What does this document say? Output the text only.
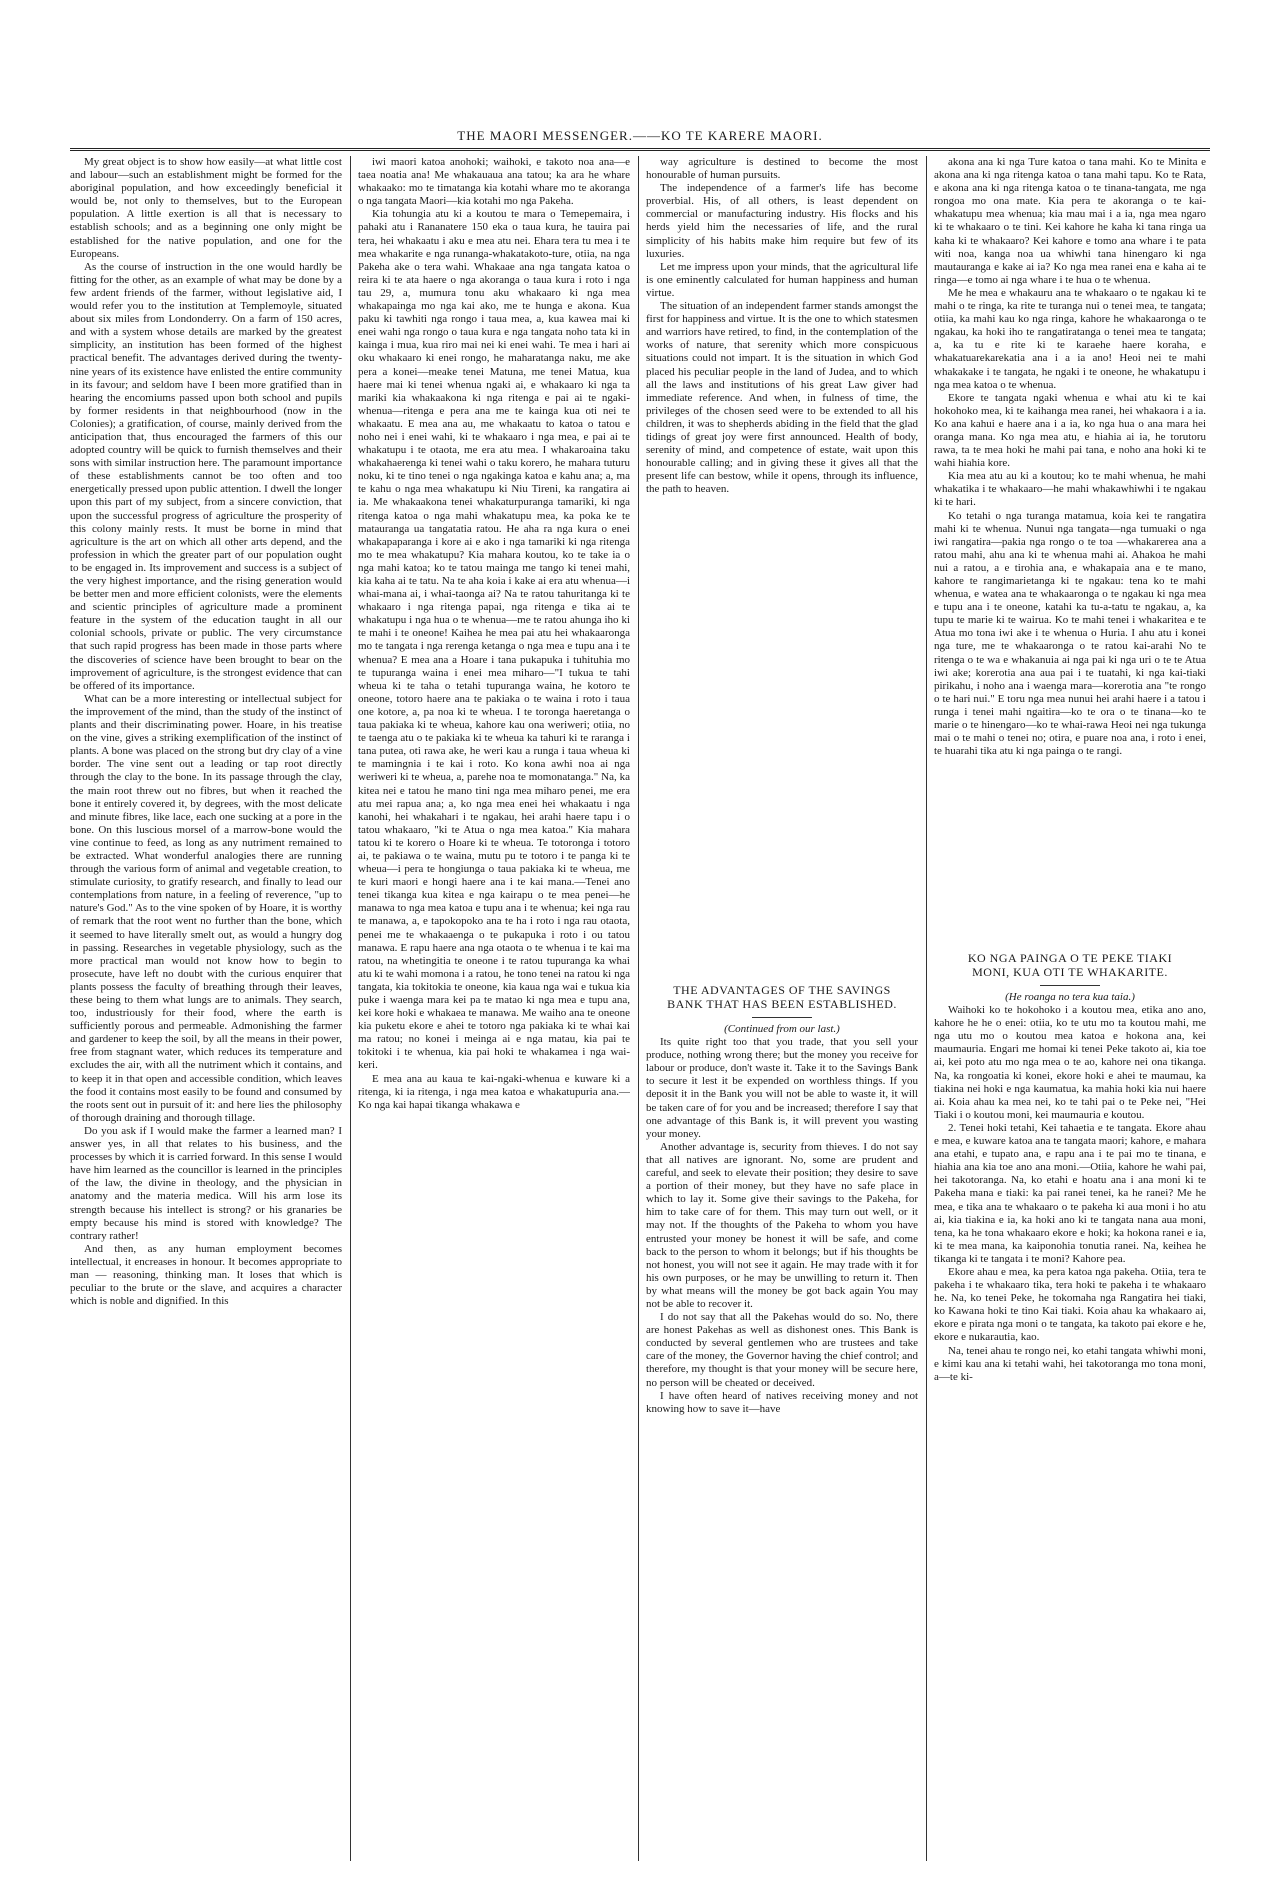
THE MAORI MESSENGER.——KO TE KARERE MAORI.

My great object is to show how easily—at what little cost and labour—such an establishment might be formed for the aboriginal population, and how exceedingly beneficial it would be, not only to themselves, but to the European population. A little exertion is all that is necessary to establish schools; and as a beginning one only might be established for the native population, and one for the Europeans.

As the course of instruction in the one would hardly be fitting for the other, as an example of what may be done by a few ardent friends of the farmer, without legislative aid, I would refer you to the institution at Templemoyle, situated about six miles from Londonderry. On a farm of 150 acres, and with a system whose details are marked by the greatest simplicity, an institution has been formed of the highest practical benefit. The advantages derived during the twenty-nine years of its existence have enlisted the entire community in its favour; and seldom have I been more gratified than in hearing the encomiums passed upon both school and pupils by former residents in that neighbourhood (now in the Colonies); a gratification, of course, mainly derived from the anticipation that, thus encouraged the farmers of this our adopted country will be quick to furnish themselves and their sons with similar instruction here. The paramount importance of these establishments cannot be too often and too energetically pressed upon public attention. I dwell the longer upon this part of my subject, from a sincere conviction, that upon the successful progress of agriculture the prosperity of this colony mainly rests. It must be borne in mind that agriculture is the art on which all other arts depend, and the profession in which the greater part of our population ought to be engaged in. Its improvement and success is a subject of the very highest importance, and the rising generation would be better men and more efficient colonists, were the elements and scientic principles of agriculture made a prominent feature in the system of the education taught in all our colonial schools, private or public. The very circumstance that such rapid progress has been made in those parts where the discoveries of science have been brought to bear on the improvement of agriculture, is the strongest evidence that can be offered of its importance.

What can be a more interesting or intellectual subject for the improvement of the mind, than the study of the instinct of plants and their discriminating power. Hoare, in his treatise on the vine, gives a striking exemplification of the instinct of plants. A bone was placed on the strong but dry clay of a vine border. The vine sent out a leading or tap root directly through the clay to the bone. In its passage through the clay, the main root threw out no fibres, but when it reached the bone it entirely covered it, by degrees, with the most delicate and minute fibres, like lace, each one sucking at a pore in the bone. On this luscious morsel of a marrow-bone would the vine continue to feed, as long as any nutriment remained to be extracted. What wonderful analogies there are running through the various form of animal and vegetable creation, to stimulate curiosity, to gratify research, and finally to lead our contemplations from nature, in a feeling of reverence, "up to nature's God." As to the vine spoken of by Hoare, it is worthy of remark that the root went no further than the bone, which it seemed to have literally smelt out, as would a hungry dog in passing. Researches in vegetable physiology, such as the more practical man would not know how to begin to prosecute, have left no doubt with the curious enquirer that plants possess the faculty of breathing through their leaves, these being to them what lungs are to animals. They search, too, industriously for their food, where the earth is sufficiently porous and permeable. Admonishing the farmer and gardener to keep the soil, by all the means in their power, free from stagnant water, which reduces its temperature and excludes the air, with all the nutriment which it contains, and to keep it in that open and accessible condition, which leaves the food it contains most easily to be found and consumed by the roots sent out in pursuit of it: and here lies the philosophy of thorough draining and thorough tillage.

Do you ask if I would make the farmer a learned man? I answer yes, in all that relates to his business, and the processes by which it is carried forward. In this sense I would have him learned as the councillor is learned in the principles of the law, the divine in theology, and the physician in anatomy and the materia medica. Will his arm lose its strength because his intellect is strong? or his granaries be empty because his mind is stored with knowledge? The contrary rather!

And then, as any human employment becomes intellectual, it encreases in honour. It becomes appropriate to man — reasoning, thinking man. It loses that which is peculiar to the brute or the slave, and acquires a character which is noble and dignified. In this

iwi maori katoa anohoki; waihoki, e takoto noa ana—e taea noatia ana! Me whakauaua ana tatou; ka ara he whare whakaako: mo te timatanga kia kotahi whare mo te akoranga o nga tangata Maori—kia kotahi mo nga Pakeha.

Kia tohungia atu ki a koutou te mara o Temepemaira, i pahaki atu i Rananatere 150 eka o taua kura, he tauira pai tera, hei whakaatu i aku e mea atu nei. Ehara tera tu mea i te mea whakarite e nga runanga-whakatakoto-ture, otiia, na nga Pakeha ake o tera wahi. Whakaae ana nga tangata katoa o reira ki te ata haere o nga akoranga o taua kura i roto i nga tau 29, a, mumura tonu aku whakaaro ki nga mea whakapainga mo nga kai ako, me te hunga e akona. Kua paku ki tawhiti nga rongo i taua mea, a, kua kawea mai ki enei wahi nga rongo o taua kura e nga tangata noho tata ki in kainga i mua, kua riro mai nei ki enei wahi. Te mea i hari ai oku whakaaro ki enei rongo, he maharatanga naku, me ake pera a konei—meake tenei Matuna, me tenei Matua, kua haere mai ki tenei whenua ngaki ai, e whakaaro ki nga ta mariki kia whakaakona ki nga ritenga e pai ai te ngaki-whenua—ritenga e pera ana me te kainga kua oti nei te whakaatu. E mea ana au, me whakaatu to katoa o tatou e noho nei i enei wahi, ki te whakaaro i nga mea, e pai ai te whakatupu i te otaota, me era atu mea. I whakaroaina taku whakahaerenga ki tenei wahi o taku korero, he mahara tuturu noku, ki te tino tenei o nga ngakinga katoa e kahu ana; a, ma te kahu o nga mea whakatupu ki Niu Tireni, ka rangatira ai ia. Me whakaakona tenei whakaturpuranga tamariki, ki nga ritenga katoa o nga mahi whakatupu mea, ka poka ke te matauranga ua tangatatia ratou. He aha ra nga kura o enei whakapaparanga i kore ai e ako i nga tamariki ki nga ritenga mo te mea whakatupu? Kia mahara koutou, ko te take ia o nga mahi katoa; ko te tatou mainga me tango ki tenei mahi, kia kaha ai te tatu. Na te aha koia i kake ai era atu whenua—i whai-mana ai, i whai-taonga ai? Na te ratou tahuritanga ki te whakaaro i nga ritenga papai, nga ritenga e tika ai te whakatupu i nga hua o te whenua—me te ratou ahunga iho ki te mahi i te oneone! Kaihea he mea pai atu hei whakaaronga mo te tangata i nga rerenga ketanga o nga mea e tupu ana i te whenua? E mea ana a Hoare i tana pukapuka i tuhituhia mo te tupuranga waina i enei mea miharo—"I tukua te tahi wheua ki te taha o tetahi tupuranga waina, he kotoro te oneone, totoro haere ana te pakiaka o te waina i roto i taua one kotore, a, pa noa ki te wheua. I te toronga haeretanga o taua pakiaka ki te wheua, kahore kau ona weriweri; otiia, no te taenga atu o te pakiaka ki te wheua ka tahuri ki te raranga i tana putea, oti rawa ake, he weri kau a runga i taua wheua ki te mamingnia i te kai i roto. Ko kona awhi noa ai nga weriweri ki te wheua, a, parehe noa te momonatanga." Na, ka kitea nei e tatou he mano tini nga mea miharo penei, me era atu mei rapua ana; a, ko nga mea enei hei whakaatu i nga kanohi, hei whakahari i te ngakau, hei arahi haere tapu i o tatou whakaaro, "ki te Atua o nga mea katoa." Kia mahara tatou ki te korero o Hoare ki te wheua. Te totoronga i totoro ai, te pakiawa o te waina, mutu pu te totoro i te panga ki te wheua—i pera te hongiunga o taua pakiaka ki te wheua, me te kuri maori e hongi haere ana i te kai mana.—Tenei ano tenei tikanga kua kitea e nga kairapu o te mea penei—he manawa to nga mea katoa e tupu ana i te whenua; kei nga rau te manawa, a, e tapokopoko ana te ha i roto i nga rau otaota, penei me te whakaaenga o te pukapuka i roto i ou tatou manawa. E rapu haere ana nga otaota o te whenua i te kai ma ratou, na whetingitia te oneone i te ratou tupuranga ka whai atu ki te wahi momona i a ratou, he tono tenei na ratou ki nga tangata, kia tokitokia te oneone, kia kaua nga wai e tukua kia puke i waenga mara kei pa te matao ki nga mea e tupu ana, kei kore hoki e whakaea te manawa. Me waiho ana te oneone kia puketu ekore e ahei te totoro nga pakiaka ki te whai kai ma ratou; no konei i meinga ai e nga matau, kia pai te tokitoki i te whenua, kia pai hoki te whakamea i nga wai-keri.

E mea ana au kaua te kai-ngaki-whenua e kuware ki a ritenga, ki ia ritenga, i nga mea katoa e whakatupuria ana.—Ko nga kai hapai tikanga whakawa e

way agriculture is destined to become the most honourable of human pursuits.

The independence of a farmer's life has become proverbial. His, of all others, is least dependent on commercial or manufacturing industry. His flocks and his herds yield him the necessaries of life, and the rural simplicity of his habits make him require but few of its luxuries.

Let me impress upon your minds, that the agricultural life is one eminently calculated for human happiness and human virtue.

The situation of an independent farmer stands amongst the first for happiness and virtue. It is the one to which statesmen and warriors have retired, to find, in the contemplation of the works of nature, that serenity which more conspicuous situations could not impart. It is the situation in which God placed his peculiar people in the land of Judea, and to which all the laws and institutions of his great Law giver had immediate reference. And when, in fulness of time, the privileges of the chosen seed were to be extended to all his children, it was to shepherds abiding in the field that the glad tidings of great joy were first announced. Health of body, serenity of mind, and competence of estate, wait upon this honourable calling; and in giving these it gives all that the present life can bestow, while it opens, through its influence, the path to heaven.

THE ADVANTAGES OF THE SAVINGS

BANK THAT HAS BEEN ESTABLISHED.

(Continued from our last.)

Its quite right too that you trade, that you sell your produce, nothing wrong there; but the money you receive for labour or produce, don't waste it. Take it to the Savings Bank to secure it lest it be expended on worthless things. If you deposit it in the Bank you will not be able to waste it, it will be taken care of for you and be increased; therefore I say that one advantage of this Bank is, it will prevent you wasting your money.

Another advantage is, security from thieves. I do not say that all natives are ignorant. No, some are prudent and careful, and seek to elevate their position; they desire to save a portion of their money, but they have no safe place in which to lay it. Some give their savings to the Pakeha, for him to take care of for them. This may turn out well, or it may not. If the thoughts of the Pakeha to whom you have entrusted your money be honest it will be safe, and come back to the person to whom it belongs; but if his thoughts be not honest, you will not see it again. He may trade with it for his own purposes, or he may be unwilling to return it. Then by what means will the money be got back again You may not be able to recover it.

I do not say that all the Pakehas would do so. No, there are honest Pakehas as well as dishonest ones. This Bank is conducted by several gentlemen who are trustees and take care of the money, the Governor having the chief control; and therefore, my thought is that your money will be secure here, no person will be cheated or deceived.

I have often heard of natives receiving money and not knowing how to save it—have

akona ana ki nga Ture katoa o tana mahi. Ko te Minita e akona ana ki nga ritenga katoa o tana mahi tapu. Ko te Rata, e akona ana ki nga ritenga katoa o te tinana-tangata, me nga rongoa mo ona mate. Kia pera te akoranga o te kai-whakatupu mea whenua; kia mau mai i a ia, nga mea ngaro ki te whakaaro o te tini. Kei kahore he kaha ki tana ringa ua kaha ki te whakaaro? Kei kahore e tomo ana whare i te pata witi noa, kanga noa ua whiwhi tana hinengaro ki nga mautauranga e kake ai ia? Ko nga mea ranei ena e kaha ai te ringa—e tomo ai nga whare i te hua o te whenua.

Me he mea e whakauru ana te whakaaro o te ngakau ki te mahi o te ringa, ka rite te turanga nui o tenei mea, te tangata; otiia, ka mahi kau ko nga ringa, kahore he whakaaronga o te ngakau, ka hoki iho te rangatiratanga o tenei mea te tangata; a, ka tu e rite ki te karaehe haere koraha, e whakatuarekarekatia ana i a ia ano! Heoi nei te mahi whakakake i te tangata, he ngaki i te oneone, he whakatupu i nga mea katoa o te whenua.

Ekore te tangata ngaki whenua e whai atu ki te kai hokohoko mea, ki te kaihanga mea ranei, hei whakaora i a ia. Ko ana kahui e haere ana i a ia, ko nga hua o ana mara hei oranga mana. Ko nga mea atu, e hiahia ai ia, he torutoru rawa, ta te mea hoki he mahi pai tana, e noho ana hoki ki te wahi hiahia kore.

Kia mea atu au ki a koutou; ko te mahi whenua, he mahi whakatika i te whakaaro—he mahi whakawhiwhi i te ngakau ki te hari.

Ko tetahi o nga turanga matamua, koia kei te rangatira mahi ki te whenua. Nunui nga tangata—nga tumuaki o nga iwi rangatira—pakia nga rongo o te toa —whakarerea ana a ratou mahi, ahu ana ki te whenua mahi ai. Ahakoa he mahi nui a ratou, a e tirohia ana, e whakapaia ana e te mano, kahore te rangimarietanga ki te ngakau: tena ko te mahi whenua, e watea ana te whakaaronga o te ngakau ki nga mea e tupu ana i te oneone, katahi ka tu-a-tatu te ngakau, a, ka tupu te marie ki te wairua. Ko te mahi tenei i whakaritea e te Atua mo tona iwi ake i te whenua o Huria. I ahu atu i konei nga ture, me te whakaaronga o te ratou kai-arahi No te ritenga o te wa e whakanuia ai nga pai ki nga uri o te te Atua iwi ake; korerotia ana aua pai i te tuatahi, ki nga kai-tiaki pirikahu, i noho ana i waenga mara—korerotia ana "te rongo o te hari nui." E toru nga mea nunui hei arahi haere i a tatou i runga i tenei mahi ngaitira—ko te ora o te tinana—ko te marie o te hinengaro—ko te whai-rawa Heoi nei nga tukunga mai o te mahi o tenei no; otira, e puare noa ana, i roto i enei, te huarahi tika atu ki nga painga o te rangi.

KO NGA PAINGA O TE PEKE TIAKI

MONI, KUA OTI TE WHAKARITE.

(He roanga no tera kua taia.)

Waihoki ko te hokohoko i a koutou mea, etika ano ano, kahore he he o enei: otiia, ko te utu mo ta koutou mahi, me nga utu mo o koutou mea katoa e hokona ana, kei maumauria. Engari me homai ki tenei Peke takoto ai, kia toe ai, kei poto atu mo nga mea o te ao, kahore nei ona tikanga. Na, ka rongoatia ki konei, ekore hoki e ahei te maumau, ka tiakina nei hoki e nga kaumatua, ka mahia hoki kia nui haere ai. Koia ahau ka mea nei, ko te tahi pai o te Peke nei, "Hei Tiaki i o koutou moni, kei maumauria e koutou.

2. Tenei hoki tetahi, Kei tahaetia e te tangata. Ekore ahau e mea, e kuware katoa ana te tangata maori; kahore, e mahara ana etahi, e tupato ana, e rapu ana i te pai mo te tinana, e hiahia ana kia toe ano ana moni.—Otiia, kahore he wahi pai, hei takotoranga. Na, ko etahi e hoatu ana i ana moni ki te Pakeha mana e tiaki: ka pai ranei tenei, ka he ranei? Me he mea, e tika ana te whakaaro o te pakeha ki aua moni i ho atu ai, kia tiakina e ia, ka hoki ano ki te tangata nana aua moni, tena, ka he tona whakaaro ekore e hoki; ka hokona ranei e ia, ki te mea mana, ka kaiponohia tonutia ranei. Na, keihea he tikanga ki te tangata i te moni? Kahore pea.

Ekore ahau e mea, ka pera katoa nga pakeha. Otiia, tera te pakeha i te whakaaro tika, tera hoki te pakeha i te whakaaro he. Na, ko tenei Peke, he tokomaha nga Rangatira hei tiaki, ko Kawana hoki te tino Kai tiaki. Koia ahau ka whakaaro ai, ekore e pirata nga moni o te tangata, ka takoto pai ekore e he, ekore e nukarautia, kao.

Na, tenei ahau te rongo nei, ko etahi tangata whiwhi moni, e kimi kau ana ki tetahi wahi, hei takotoranga mo tona moni, a—te ki-
